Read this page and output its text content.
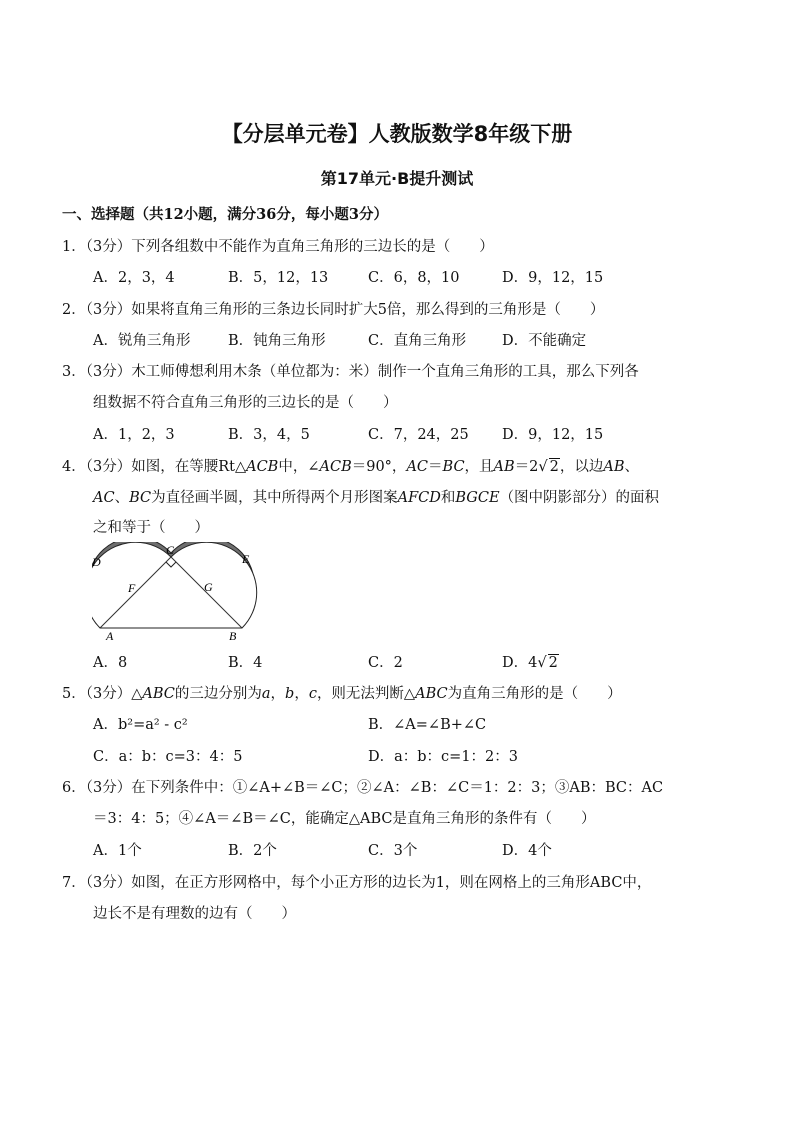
【分层单元卷】人教版数学8年级下册
第17单元·B提升测试
一、选择题（共12小题，满分36分，每小题3分）
1．（3分）下列各组数中不能作为直角三角形的三边长的是（　　）
A．2，3，4	B．5，12，13	C．6，8，10	D．9，12，15
2．（3分）如果将直角三角形的三条边长同时扩大5倍，那么得到的三角形是（　　）
A．锐角三角形	B．钝角三角形	C．直角三角形 D．不能确定
3．（3分）木工师傅想利用木条（单位都为：米）制作一个直角三角形的工具，那么下列各
组数据不符合直角三角形的三边长的是（　　）
A．1，2，3	B．3，4，5	C．7，24，25 D．9，12，15
4．（3分）如图，在等腰Rt△ACB中，∠ACB＝90°，AC＝BC，且AB＝2√ 2，以边AB、
AC、BC为直径画半圆，其中所得两个月形图案AFCD和BGCE（图中阴影部分）的面积
之和等于（　　）
D
C
E
F	G
A	B
A．8	B．4	C．2	D．4√ 2
5．（3分）△ABC的三边分别为a，b，c，则无法判断△ABC为直角三角形的是（　　）
A．b²=a² - c²	B．∠A=∠B+∠C
C．a：b：c=3：4：5	D．a：b：c=1：2：3
6．（3分）在下列条件中：①∠A+∠B＝∠C；②∠A：∠B：∠C＝1：2：3；③AB：BC：AC
＝3：4：5；④∠A＝∠B＝∠C，能确定△ABC是直角三角形的条件有（　　）
A．1个	B．2个	C．3个	D．4个
7．（3分）如图，在正方形网格中，每个小正方形的边长为1，则在网格上的三角形ABC中，
边长不是有理数的边有（　　）
